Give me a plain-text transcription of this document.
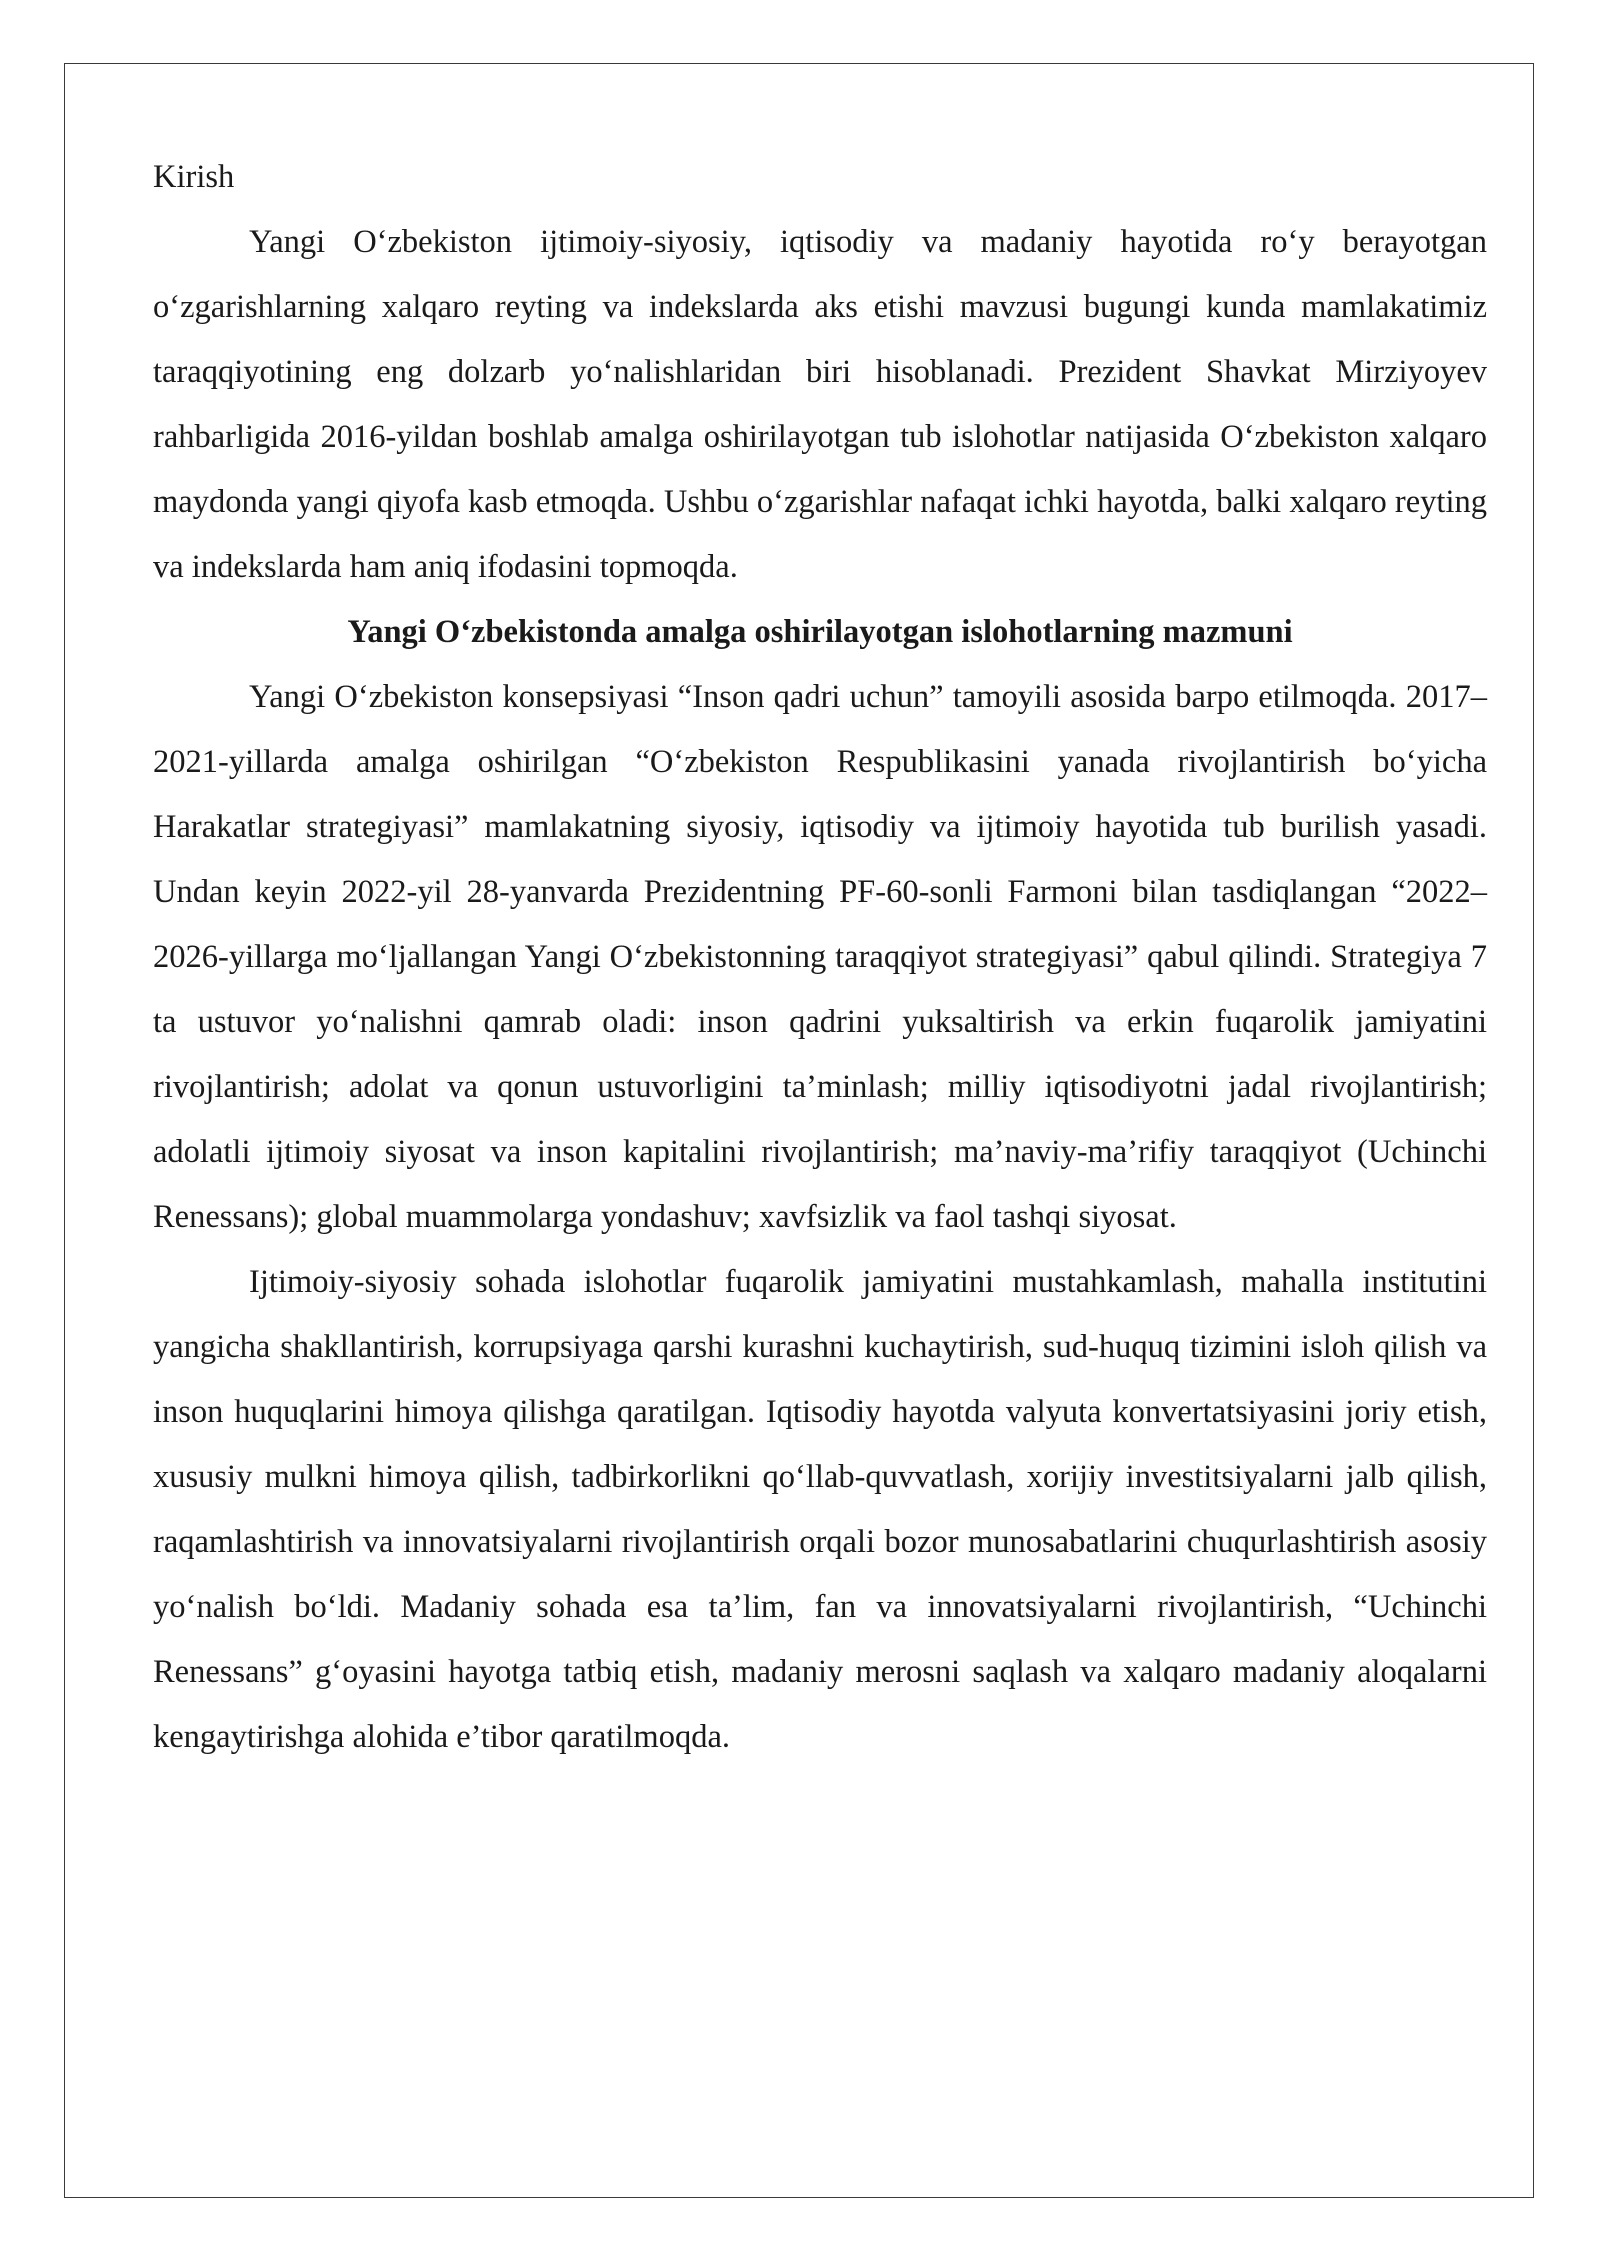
Kirish

Yangi O‘zbekiston ijtimoiy-siyosiy, iqtisodiy va madaniy hayotida ro‘y berayotgan o‘zgarishlarning xalqaro reyting va indekslarda aks etishi mavzusi bugungi kunda mamlakatimiz taraqqiyotining eng dolzarb yo‘nalishlaridan biri hisoblanadi. Prezident Shavkat Mirziyoyev rahbarligida 2016-yildan boshlab amalga oshirilayotgan tub islohotlar natijasida O‘zbekiston xalqaro maydonda yangi qiyofa kasb etmoqda. Ushbu o‘zgarishlar nafaqat ichki hayotda, balki xalqaro reyting va indekslarda ham aniq ifodasini topmoqda.

Yangi O‘zbekistonda amalga oshirilayotgan islohotlarning mazmuni

Yangi O‘zbekiston konsepsiyasi “Inson qadri uchun” tamoyili asosida barpo etilmoqda. 2017–2021-yillarda amalga oshirilgan “O‘zbekiston Respublikasini yanada rivojlantirish bo‘yicha Harakatlar strategiyasi” mamlakatning siyosiy, iqtisodiy va ijtimoiy hayotida tub burilish yasadi. Undan keyin 2022-yil 28-yanvarda Prezidentning PF-60-sonli Farmoni bilan tasdiqlangan “2022–2026-yillarga mo‘ljallangan Yangi O‘zbekistonning taraqqiyot strategiyasi” qabul qilindi. Strategiya 7 ta ustuvor yo‘nalishni qamrab oladi: inson qadrini yuksaltirish va erkin fuqarolik jamiyatini rivojlantirish; adolat va qonun ustuvorligini ta’minlash; milliy iqtisodiyotni jadal rivojlantirish; adolatli ijtimoiy siyosat va inson kapitalini rivojlantirish; ma’naviy-ma’rifiy taraqqiyot (Uchinchi Renessans); global muammolarga yondashuv; xavfsizlik va faol tashqi siyosat.

Ijtimoiy-siyosiy sohada islohotlar fuqarolik jamiyatini mustahkamlash, mahalla institutini yangicha shakllantirish, korrupsiyaga qarshi kurashni kuchaytirish, sud-huquq tizimini isloh qilish va inson huquqlarini himoya qilishga qaratilgan. Iqtisodiy hayotda valyuta konvertatsiyasini joriy etish, xususiy mulkni himoya qilish, tadbirkorlikni qo‘llab-quvvatlash, xorijiy investitsiyalarni jalb qilish, raqamlashtirish va innovatsiyalarni rivojlantirish orqali bozor munosabatlarini chuqurlashtirish asosiy yo‘nalish bo‘ldi. Madaniy sohada esa ta’lim, fan va innovatsiyalarni rivojlantirish, “Uchinchi Renessans” g‘oyasini hayotga tatbiq etish, madaniy merosni saqlash va xalqaro madaniy aloqalarni kengaytirishga alohida e’tibor qaratilmoqda.
